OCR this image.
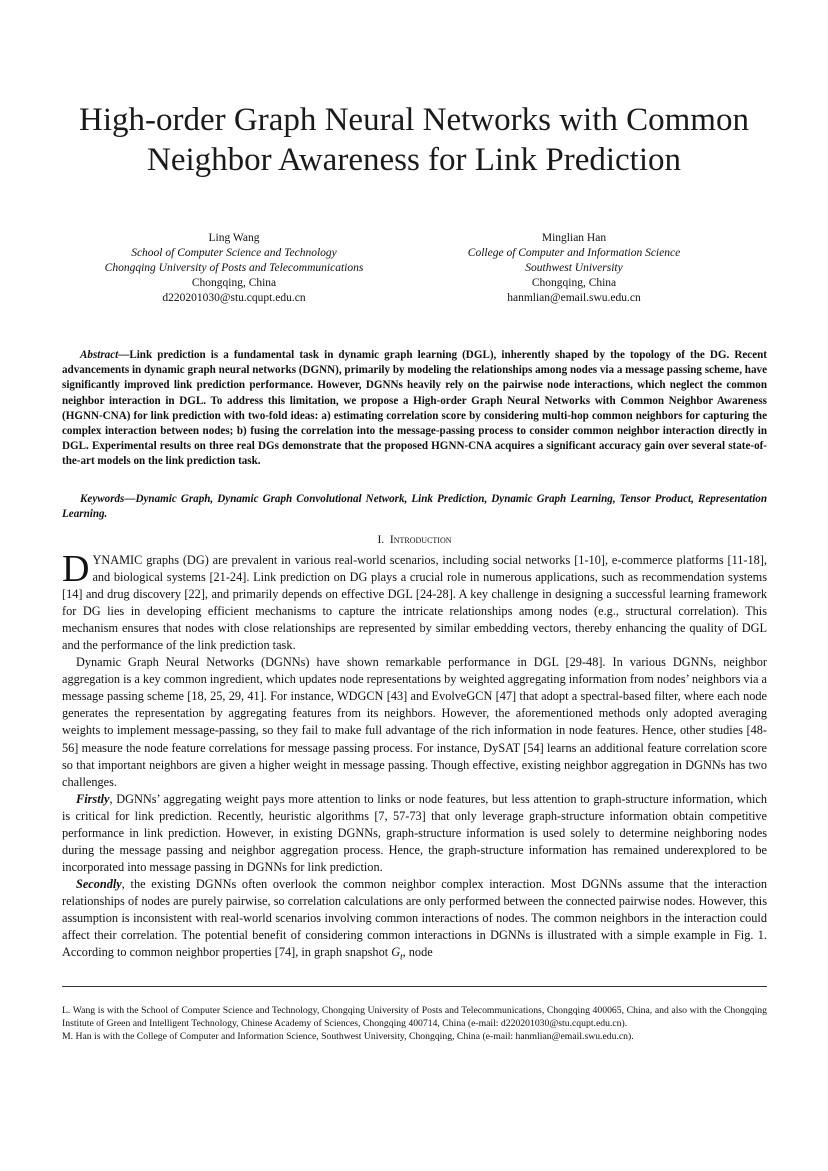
High-order Graph Neural Networks with Common Neighbor Awareness for Link Prediction
Ling Wang
School of Computer Science and Technology
Chongqing University of Posts and Telecommunications
Chongqing, China
d220201030@stu.cqupt.edu.cn
Minglian Han
College of Computer and Information Science
Southwest University
Chongqing, China
hanmlian@email.swu.edu.cn
Abstract—Link prediction is a fundamental task in dynamic graph learning (DGL), inherently shaped by the topology of the DG. Recent advancements in dynamic graph neural networks (DGNN), primarily by modeling the relationships among nodes via a message passing scheme, have significantly improved link prediction performance. However, DGNNs heavily rely on the pairwise node interactions, which neglect the common neighbor interaction in DGL. To address this limitation, we propose a High-order Graph Neural Networks with Common Neighbor Awareness (HGNN-CNA) for link prediction with two-fold ideas: a) estimating correlation score by considering multi-hop common neighbors for capturing the complex interaction between nodes; b) fusing the correlation into the message-passing process to consider common neighbor interaction directly in DGL. Experimental results on three real DGs demonstrate that the proposed HGNN-CNA acquires a significant accuracy gain over several state-of-the-art models on the link prediction task.
Keywords—Dynamic Graph, Dynamic Graph Convolutional Network, Link Prediction, Dynamic Graph Learning, Tensor Product, Representation Learning.
I. Introduction

DYNAMIC graphs (DG) are prevalent in various real-world scenarios, including social networks [1-10], e-commerce platforms [11-18], and biological systems [21-24]. Link prediction on DG plays a crucial role in numerous applications, such as recommendation systems [14] and drug discovery [22], and primarily depends on effective DGL [24-28]. A key challenge in designing a successful learning framework for DG lies in developing efficient mechanisms to capture the intricate relationships among nodes (e.g., structural correlation). This mechanism ensures that nodes with close relationships are represented by similar embedding vectors, thereby enhancing the quality of DGL and the performance of the link prediction task.

Dynamic Graph Neural Networks (DGNNs) have shown remarkable performance in DGL [29-48]. In various DGNNs, neighbor aggregation is a key common ingredient, which updates node representations by weighted aggregating information from nodes’ neighbors via a message passing scheme [18, 25, 29, 41]. For instance, WDGCN [43] and EvolveGCN [47] that adopt a spectral-based filter, where each node generates the representation by aggregating features from its neighbors. However, the aforementioned methods only adopted averaging weights to implement message-passing, so they fail to make full advantage of the rich information in node features. Hence, other studies [48-56] measure the node feature correlations for message passing process. For instance, DySAT [54] learns an additional feature correlation score so that important neighbors are given a higher weight in message passing. Though effective, existing neighbor aggregation in DGNNs has two challenges.

Firstly, DGNNs’ aggregating weight pays more attention to links or node features, but less attention to graph-structure information, which is critical for link prediction. Recently, heuristic algorithms [7, 57-73] that only leverage graph-structure information obtain competitive performance in link prediction. However, in existing DGNNs, graph-structure information is used solely to determine neighboring nodes during the message passing and neighbor aggregation process. Hence, the graph-structure information has remained underexplored to be incorporated into message passing in DGNNs for link prediction.

Secondly, the existing DGNNs often overlook the common neighbor complex interaction. Most DGNNs assume that the interaction relationships of nodes are purely pairwise, so correlation calculations are only performed between the connected pairwise nodes. However, this assumption is inconsistent with real-world scenarios involving common interactions of nodes. The common neighbors in the interaction could affect their correlation. The potential benefit of considering common interactions in DGNNs is illustrated with a simple example in Fig. 1. According to common neighbor properties [74], in graph snapshot $G_t$, node

L. Wang is with the School of Computer Science and Technology, Chongqing University of Posts and Telecommunications, Chongqing 400065, China, and also with the Chongqing Institute of Green and Intelligent Technology, Chinese Academy of Sciences, Chongqing 400714, China (e-mail: d220201030@stu.cqupt.edu.cn).

M. Han is with the College of Computer and Information Science, Southwest University, Chongqing, China (e-mail: hanmlian@email.swu.edu.cn).
